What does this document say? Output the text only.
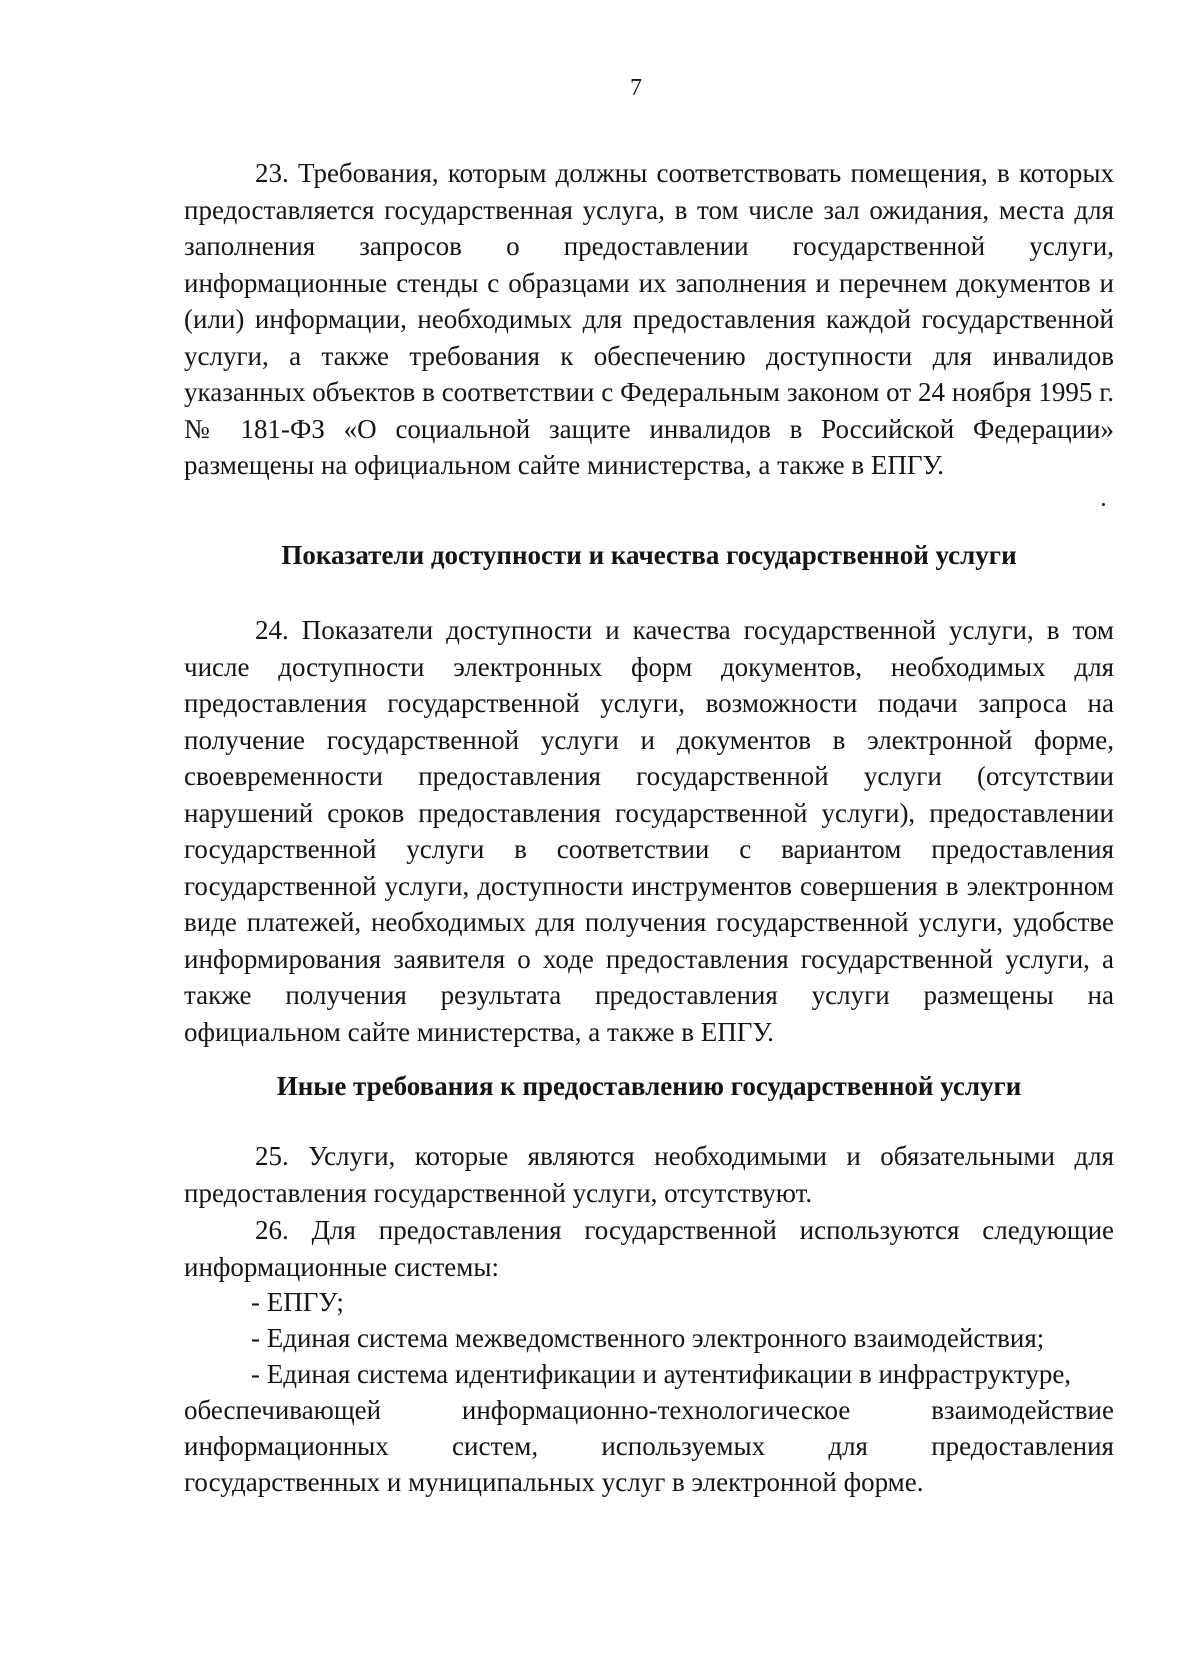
7

23. Требования, которым должны соответствовать помещения, в которых предоставляется государственная услуга, в том числе зал ожидания, места для заполнения запросов о предоставлении государственной услуги, информационные стенды с образцами их заполнения и перечнем документов и (или) информации, необходимых для предоставления каждой государственной услуги, а также требования к обеспечению доступности для инвалидов указанных объектов в соответствии с Федеральным законом от 24 ноября 1995 г. № 181-ФЗ «О социальной защите инвалидов в Российской Федерации» размещены на официальном сайте министерства, а также в ЕПГУ.

Показатели доступности и качества государственной услуги

24. Показатели доступности и качества государственной услуги, в том числе доступности электронных форм документов, необходимых для предоставления государственной услуги, возможности подачи запроса на получение государственной услуги и документов в электронной форме, своевременности предоставления государственной услуги (отсутствии нарушений сроков предоставления государственной услуги), предоставлении государственной услуги в соответствии с вариантом предоставления государственной услуги, доступности инструментов совершения в электронном виде платежей, необходимых для получения государственной услуги, удобстве информирования заявителя о ходе предоставления государственной услуги, а также получения результата предоставления услуги размещены на официальном сайте министерства, а также в ЕПГУ.

Иные требования к предоставлению государственной услуги

25. Услуги, которые являются необходимыми и обязательными для предоставления государственной услуги, отсутствуют.

26. Для предоставления государственной используются следующие информационные системы:

- ЕПГУ;
- Единая система межведомственного электронного взаимодействия;
- Единая система идентификации и аутентификации в инфраструктуре,
обеспечивающей	информационно-технологическое	взаимодействие
информационных систем, используемых для предоставления
государственных и муниципальных услуг в электронной форме.
